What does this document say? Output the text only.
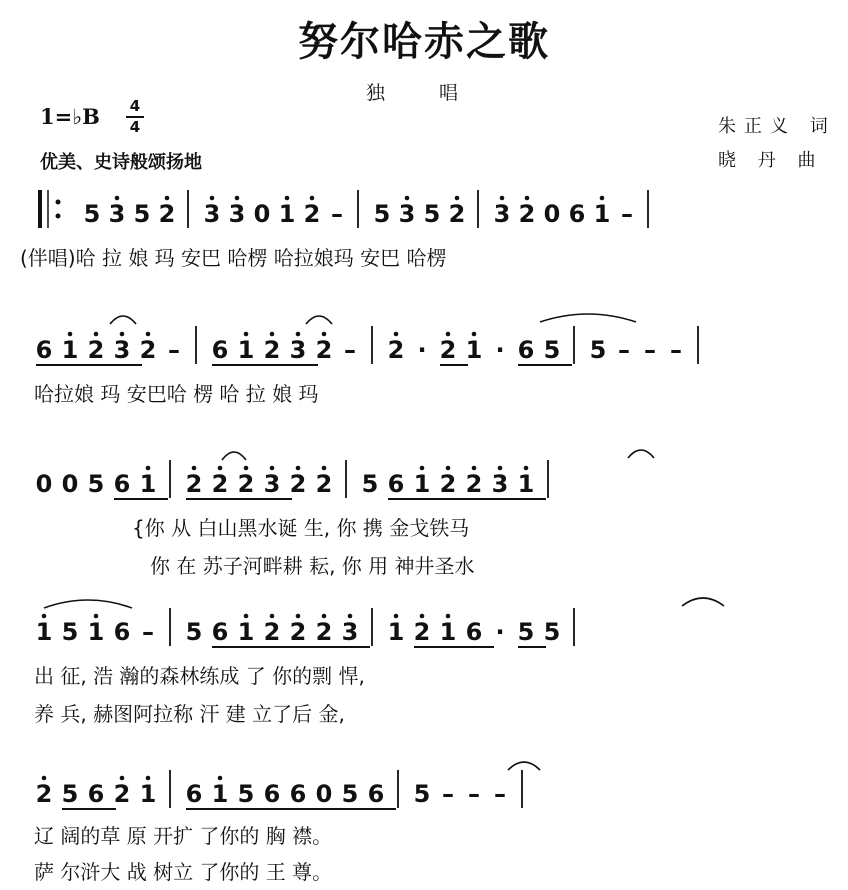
努尔哈赤之歌
独 唱
1=♭B 4
4
优美、史诗般颂扬地
朱正义 词
晓 丹 曲
5 3 5 2 3 3 0 1 2 – 5 3 5 2 3 2 0 6 1 –
6 1 2 3 2 – 6 1 2 3 2 – 2 · 2 1 · 6 5 5 – – –
0 0 5 6 1 2 2 2 3 2 2 5 6 1 2 2 3 1
1 5 1 6 – 5 6 1 2 2 2 3 1 2 1 6 · 5 5
2 5 6 2 1 6 1 5 6 6 0 5 6 5 – – –
(伴唱)哈 拉 娘 玛 安巴 哈楞 哈拉娘玛 安巴 哈楞
哈拉娘 玛 安巴哈 楞 哈 拉 娘 玛
{你 从 白山黑水诞 生, 你 携 金戈铁马
你 在 苏子河畔耕 耘, 你 用 神井圣水
出 征, 浩 瀚的森林练成 了 你的剽 悍,
养 兵, 赫图阿拉称 汗 建 立了后 金,
辽 阔的草 原 开扩 了你的 胸 襟。
萨 尔浒大 战 树立 了你的 王 尊。
